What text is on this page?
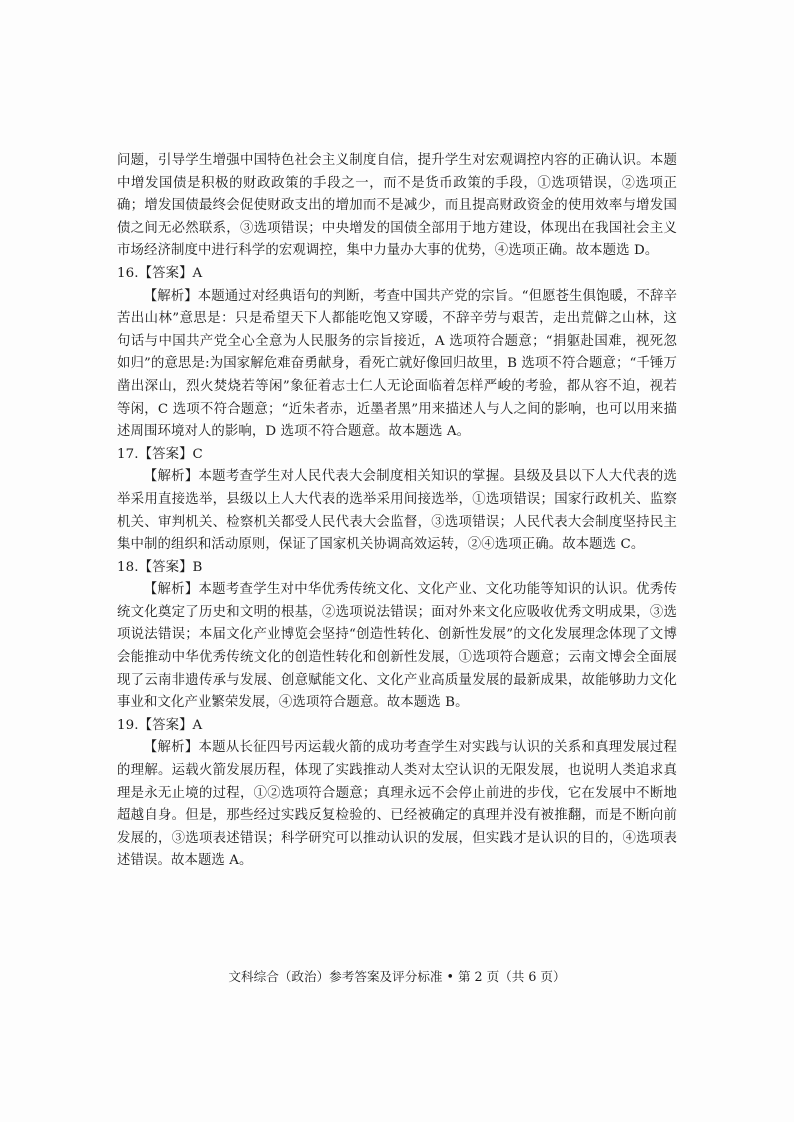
问题，引导学生增强中国特色社会主义制度自信，提升学生对宏观调控内容的正确认识。本题中增发国债是积极的财政政策的手段之一，而不是货币政策的手段，①选项错误，②选项正确；增发国债最终会促使财政支出的增加而不是减少，而且提高财政资金的使用效率与增发国债之间无必然联系，③选项错误；中央增发的国债全部用于地方建设，体现出在我国社会主义市场经济制度中进行科学的宏观调控，集中力量办大事的优势，④选项正确。故本题选 D。

16.【答案】A

【解析】本题通过对经典语句的判断，考查中国共产党的宗旨。“但愿苍生俱饱暖，不辞辛苦出山林”意思是：只是希望天下人都能吃饱又穿暖，不辞辛劳与艰苦，走出荒僻之山林，这句话与中国共产党全心全意为人民服务的宗旨接近，A 选项符合题意；“捐躯赴国难，视死忽如归”的意思是:为国家解危难奋勇献身，看死亡就好像回归故里，B 选项不符合题意；“千锤万凿出深山，烈火焚烧若等闲”象征着志士仁人无论面临着怎样严峻的考验，都从容不迫，视若等闲，C 选项不符合题意；“近朱者赤，近墨者黑”用来描述人与人之间的影响，也可以用来描述周围环境对人的影响，D 选项不符合题意。故本题选 A。

17.【答案】C

【解析】本题考查学生对人民代表大会制度相关知识的掌握。县级及县以下人大代表的选举采用直接选举，县级以上人大代表的选举采用间接选举，①选项错误；国家行政机关、监察机关、审判机关、检察机关都受人民代表大会监督，③选项错误；人民代表大会制度坚持民主集中制的组织和活动原则，保证了国家机关协调高效运转，②④选项正确。故本题选 C。

18.【答案】B

【解析】本题考查学生对中华优秀传统文化、文化产业、文化功能等知识的认识。优秀传统文化奠定了历史和文明的根基，②选项说法错误；面对外来文化应吸收优秀文明成果，③选项说法错误；本届文化产业博览会坚持“创造性转化、创新性发展”的文化发展理念体现了文博会能推动中华优秀传统文化的创造性转化和创新性发展，①选项符合题意；云南文博会全面展现了云南非遗传承与发展、创意赋能文化、文化产业高质量发展的最新成果，故能够助力文化事业和文化产业繁荣发展，④选项符合题意。故本题选 B。

19.【答案】A

【解析】本题从长征四号丙运载火箭的成功考查学生对实践与认识的关系和真理发展过程的理解。运载火箭发展历程，体现了实践推动人类对太空认识的无限发展，也说明人类追求真理是永无止境的过程，①②选项符合题意；真理永远不会停止前进的步伐，它在发展中不断地超越自身。但是，那些经过实践反复检验的、已经被确定的真理并没有被推翻，而是不断向前发展的，③选项表述错误；科学研究可以推动认识的发展，但实践才是认识的目的，④选项表述错误。故本题选 A。

文科综合（政治）参考答案及评分标准 • 第 2 页（共 6 页）
